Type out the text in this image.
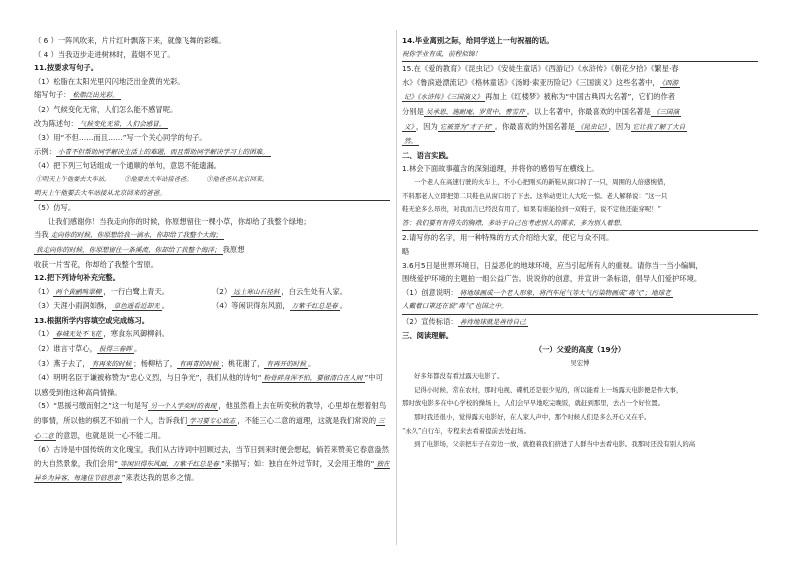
（ 6 ）一阵风吹来，片片红叶飘落下来，就像飞舞的彩蝶。

（ 4 ）当我迈步走进树林时，蓝烟不见了。

11.按要求写句子。

（1）松脂在太阳光里闪闪地泛出金黄的光彩。

缩写句子： 松脂泛出光彩。

（2）气候变化无常，人们怎么能不感冒呢。

改为陈述句： 气候变化无常，人们会感冒。

（3）用“不但……而且……”写一个关心同学的句子。

示例： 小青不但帮助同学解决生活上的难题，而且帮助同学解决学习上的困难。

（4）把下列三句话组成一个通顺的单句，意思不能遗漏。

①明天上午他要去大车站。	②他要去大车站接爸爸。	③他爸爸从北京回来。
明天上午他要去大车站接从北京回来的爸爸。

（5）仿写。

让我们感谢你！当我走向你的时候，你原想留住一棵小草，你却给了我整个绿地；

当我 走向你的时候，你原想给我一滴水，你却给了我整个大海；

我走向你的时候，你原想留住一条溪流，你却给了我整个海洋； 我原想

收获一片雪花，你却给了我整个雪原。

12.把下列诗句补充完整。

（1） 两个黄鹂鸣翠柳 ，一行白鹭上青天。	（2） 远上寒山石径斜 ，白云生处有人家。
（3）天涯小雨润如酥， 草色遥看近却无 。	（4）等闲识得东风面， 万紫千红总是春 。

13.根据所学内容填空或完成练习。

（1） 春城无处不飞花 ，寒食东风御柳斜。

（2）谁言寸草心， 报得三春晖 。

（3）燕子去了， 有再来的时候 ；杨柳枯了， 有再青的时候 ；桃花谢了， 有再开的时候 。

（4）明明名臣于谦被称赞为“忠心义烈，与日争光”，我们从他的诗句“ 粉骨碎身浑不怕，要留清白在人间 ”中可以感受到他这种高尚情操。

（5）“思援弓缴而射之”这一句是写 另一个人学奕时的表现 ，他虽然看上去在听奕秋的教导，心里却在想着射鸟的事情，所以他的棋艺不如前一个人，告诉我们 学习要专心致志 ，不能三心二意的道理，这就是我们常说的 三心二意 的意思，也就是说一心不能二用。

（6）古诗是中国传统的文化瑰宝，我们从古诗词中回顾过去，当节日到来时便会想起，倘若来赞美它春意盎然的大自然景象，我们会用“ 等闲识得东风面，万紫千红总是春 ”来描写；如：独自在外过节时，又会用王维的“ 独在异乡为异客，每逢佳节倍思亲 ”来表达我的思乡之情。

14.毕业离别之际，给同学送上一句祝福的话。

祝你学业有成，前程似锦！

15.在《爱的教育》《昆虫记》《安徒生童话》《西游记》《水浒传》《朝花夕拾》《繁星·春

水》《鲁滨逊漂流记》《格林童话》《汤姆·索亚历险记》《三国演义》这些名著中， 《西游

记》《水浒传》《三国演义》 再加上《红楼梦》被称为“中国古典四大名著”，它们的作者

分别是 吴承恩、施耐庵、罗贯中、曹雪芹 。以上名著中，你最喜欢的中国名著是 《三国演

义》 ，因为 它被誉为“才子书” 。你最喜欢的外国名著是 《昆虫记》 ，因为 它让我了解了大自

然。

二、语言实践。

1.林会下面故事蕴含的深刻道理，并将你的感悟写在横线上。

一个老人在高速行驶的火车上，不小心把刚买的新鞋从窗口掉了一只，周围的人倍感惋惜，

不料那老人立即把第二只鞋也从窗口扔了下去。这举动更让人大吃一惊。老人解释说：“这一只

鞋无论多么昂贵，对我而言已经没有用了，如果有谁能捡到一双鞋子，说不定他还能穿呢！”

答：我们要有有得失的胸襟，多站于自己也考虑别人的需求，多为别人着想。

2.请写你的名字，用一种特殊的方式介绍给大家，使它与众不同。

略

3.6月5日是世界环境日，日益恶化的地球环境，应当引起所有人的重视。请你当一当小编辑，

围绕爱护环境的主题拍一组公益广告。说说你的创意，并宣讲一条标语，倡导人们爱护环境。

（1）创意说明： 将地球画成一个老人形象，将汽车尾气等大气污染物画成“毒气”；地球老

人戴着口罩还在说“毒气”也国之中。

（2）宣传标语： 善待地球就是善待自己

三、阅读理解。

（一）父爱的高度（19分）

吴宏博

好多年都没有看过露天电影了。

记得小时候，常在农村，那时电视、碟机还是很少见的，所以能看上一场露天电影便是件大事，

那时放电影多在中心学校的操场上，人们会早早地吃完晚饭，就赶到那里，去占一个好位置。

那时我还很小，觉得露天电影好，在人家人声中，那个时候人们是多么开心又在乎。

“永久”自行车，专程来去看着提前去处赶场。

到了电影场，父亲把车子在旁边一放，就抱着我们挤进了人群当中去看电影。我那时还没有别人的高
